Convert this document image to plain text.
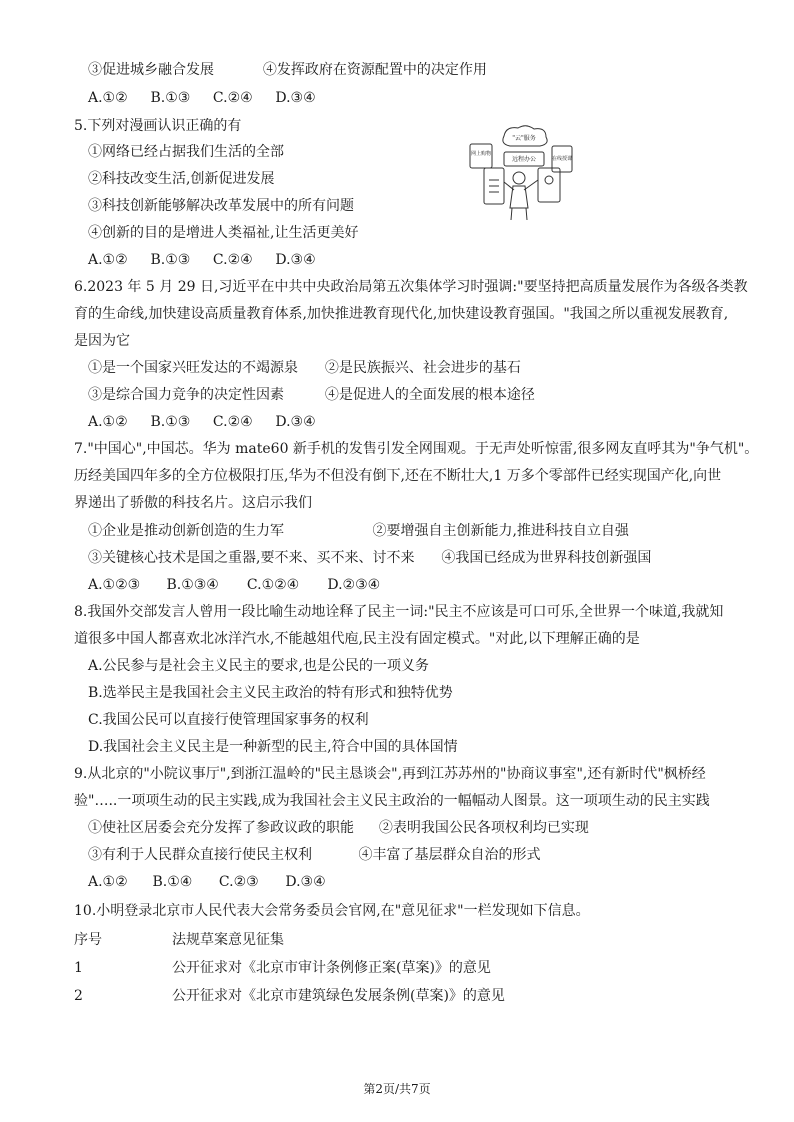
③促进城乡融合发展	④发挥政府在资源配置中的决定作用
A.①② B.①③ C.②④ D.③④
5.下列对漫画认识正确的有
①网络已经占据我们生活的全部
②科技改变生活,创新促进发展
③科技创新能够解决改革发展中的所有问题
④创新的目的是增进人类福祉,让生活更美好
A.①② B.①③ C.②④ D.③④
"云"服务
网上购物
远程办公	在线授课
6.2023 年 5 月 29 日,习近平在中共中央政治局第五次集体学习时强调:"要坚持把高质量发展作为各级各类教
育的生命线,加快建设高质量教育体系,加快推进教育现代化,加快建设教育强国。"我国之所以重视发展教育,
是因为它
①是一个国家兴旺发达的不竭源泉 ②是民族振兴、社会进步的基石
③是综合国力竞争的决定性因素	④是促进人的全面发展的根本途径
A.①② B.①③ C.②④ D.③④
7."中国心",中国芯。华为 mate60 新手机的发售引发全网围观。于无声处听惊雷,很多网友直呼其为"争气机"。
历经美国四年多的全方位极限打压,华为不但没有倒下,还在不断壮大,1 万多个零部件已经实现国产化,向世
界递出了骄傲的科技名片。这启示我们
①企业是推动创新创造的生力军	②要增强自主创新能力,推进科技自立自强
③关键核心技术是国之重器,要不来、买不来、讨不来 ④我国已经成为世界科技创新强国
A.①②③ B.①③④ C.①②④ D.②③④
8.我国外交部发言人曾用一段比喻生动地诠释了民主一词:"民主不应该是可口可乐,全世界一个味道,我就知
道很多中国人都喜欢北冰洋汽水,不能越俎代庖,民主没有固定模式。"对此,以下理解正确的是
A.公民参与是社会主义民主的要求,也是公民的一项义务
B.选举民主是我国社会主义民主政治的特有形式和独特优势
C.我国公民可以直接行使管理国家事务的权利
D.我国社会主义民主是一种新型的民主,符合中国的具体国情
9.从北京的"小院议事厅",到浙江温岭的"民主恳谈会",再到江苏苏州的"协商议事室",还有新时代"枫桥经
验"…..一项项生动的民主实践,成为我国社会主义民主政治的一幅幅动人图景。这一项项生动的民主实践
①使社区居委会充分发挥了参政议政的职能 ②表明我国公民各项权利均已实现
③有利于人民群众直接行使民主权利	④丰富了基层群众自治的形式
A.①② B.①④ C.②③ D.③④
10.小明登录北京市人民代表大会常务委员会官网,在"意见征求"一栏发现如下信息。
序号	法规草案意见征集
1	公开征求对《北京市审计条例修正案(草案)》的意见
2	公开征求对《北京市建筑绿色发展条例(草案)》的意见
第2页/共7页
